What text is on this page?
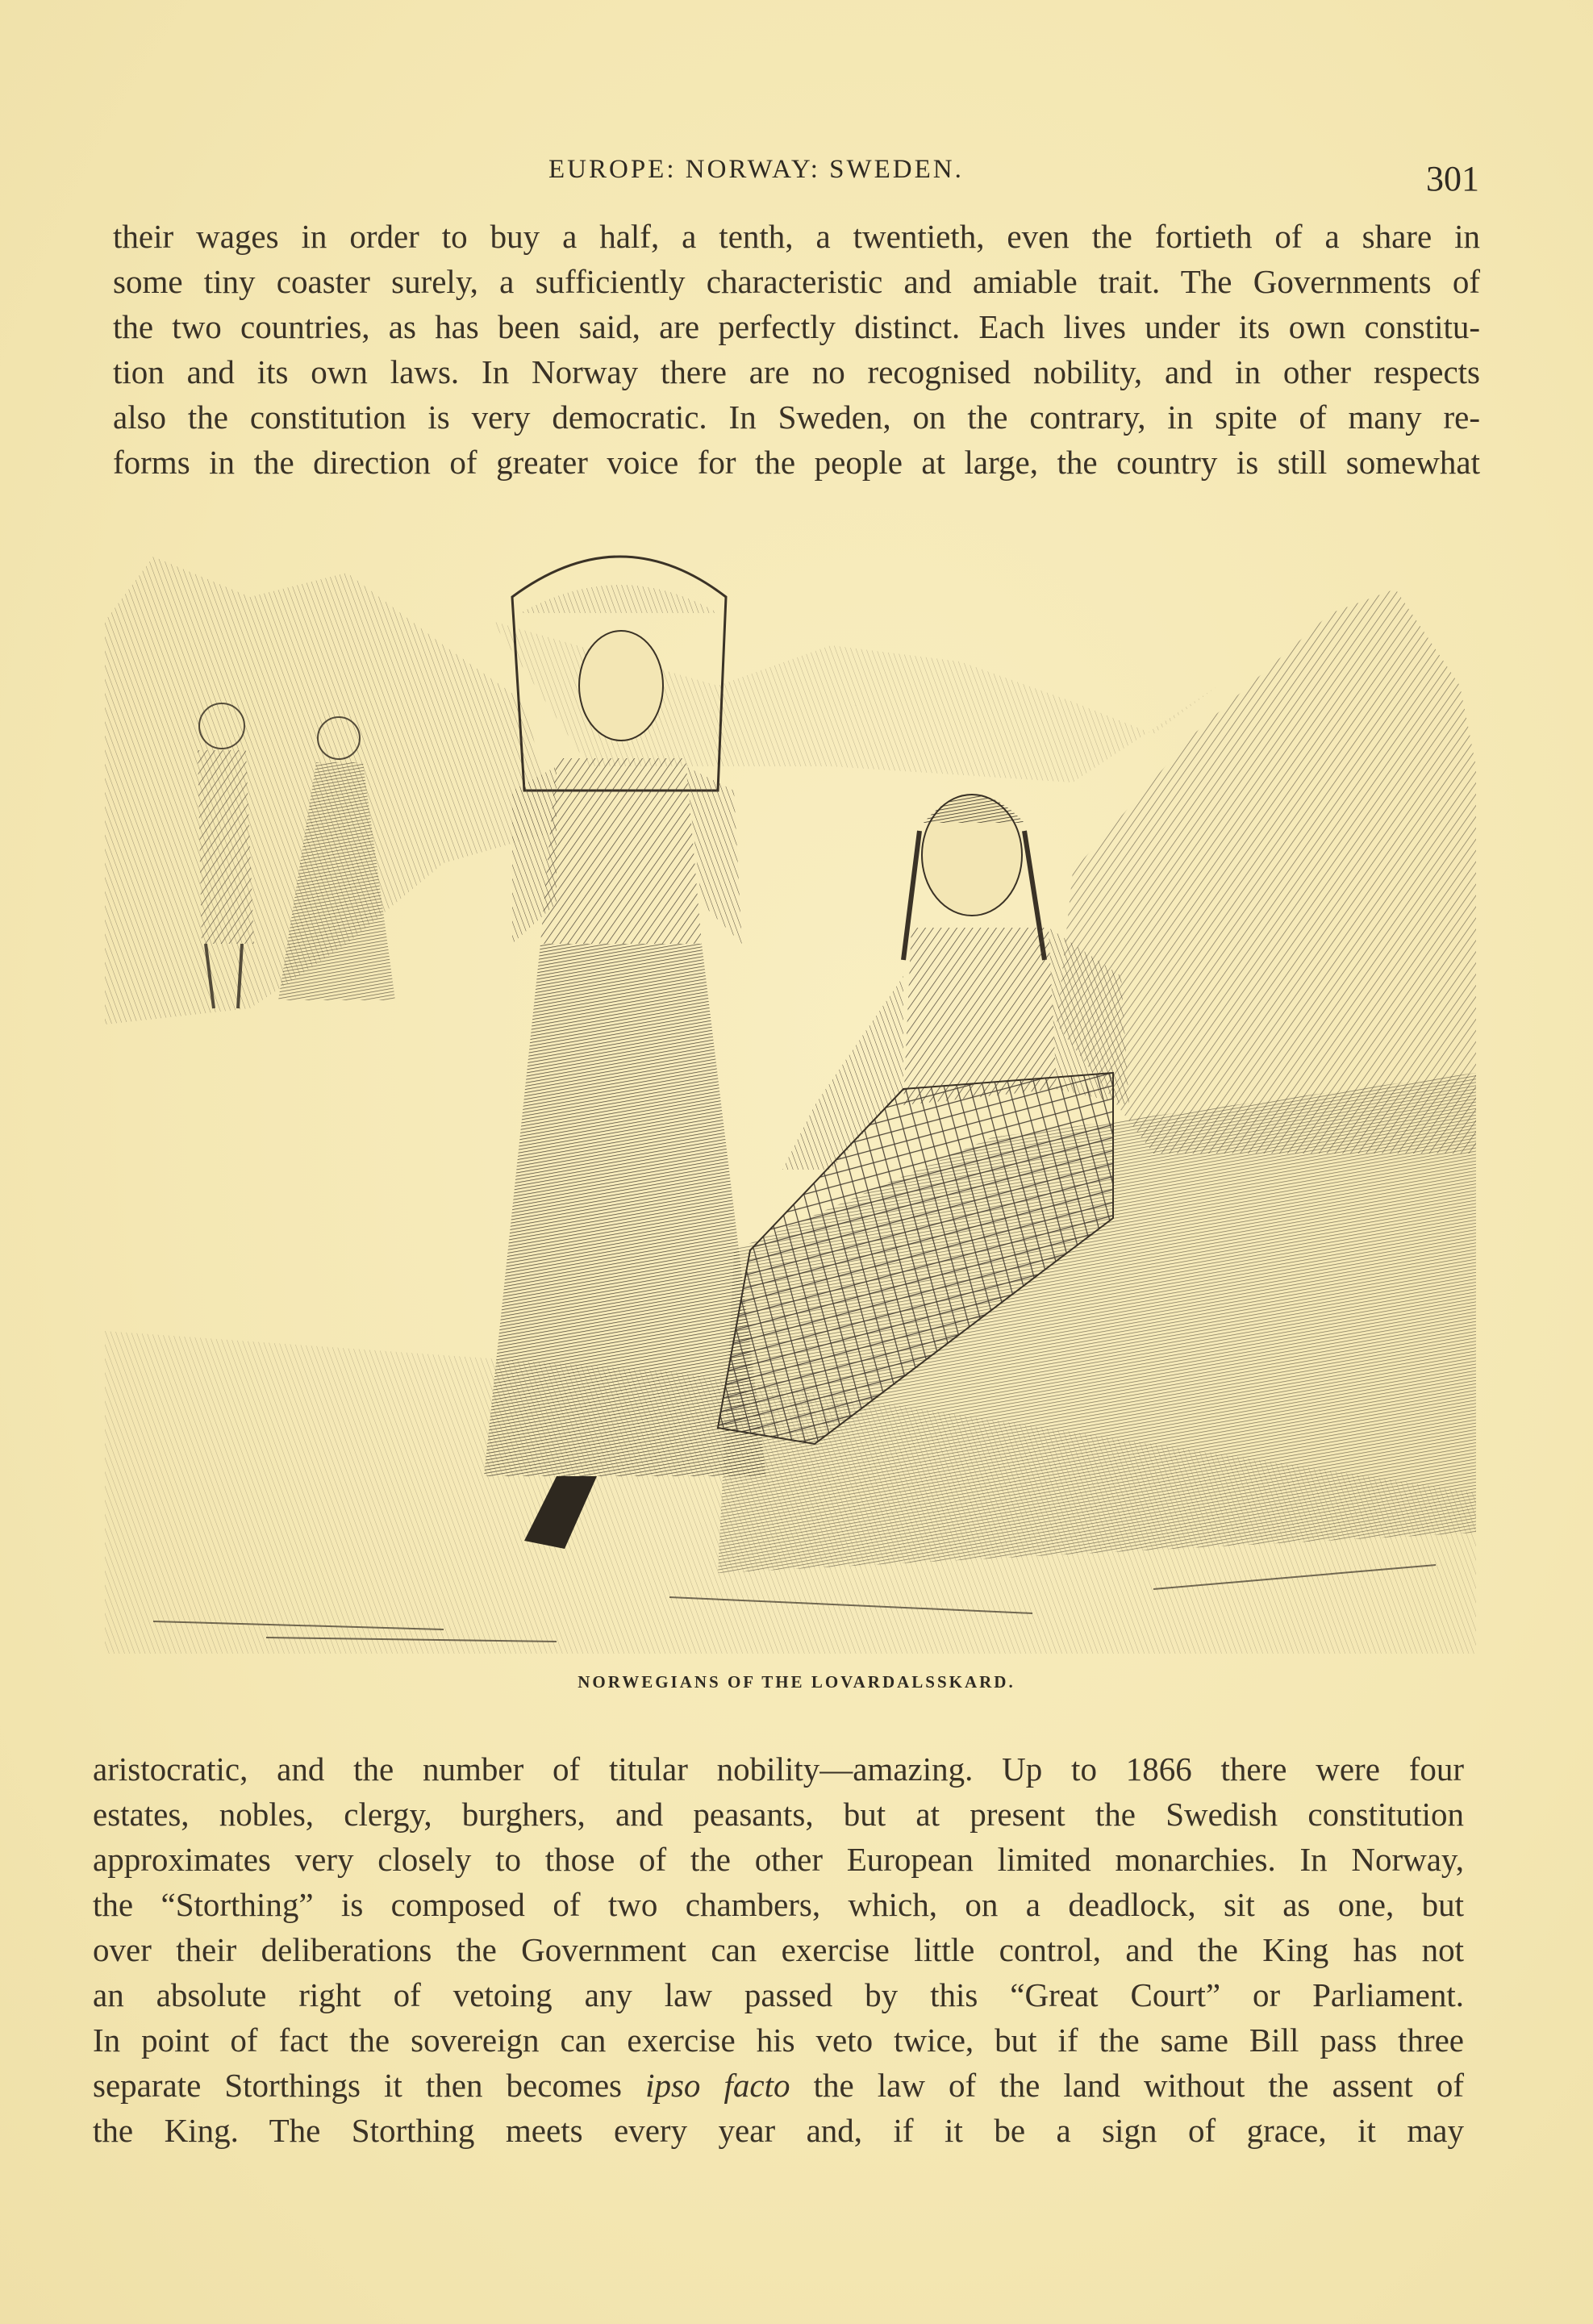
EUROPE: NORWAY: SWEDEN.	301
their wages in order to buy a half, a tenth, a twentieth, even the fortieth of a share in
some tiny coaster surely, a sufficiently characteristic and amiable trait. The Governments of
the two countries, as has been said, are perfectly distinct. Each lives under its own constitu-
tion and its own laws. In Norway there are no recognised nobility, and in other respects
also the constitution is very democratic. In Sweden, on the contrary, in spite of many re-
forms in the direction of greater voice for the people at large, the country is still somewhat
NORWEGIANS OF THE LOVARDALSSKARD.
aristocratic, and the number of titular nobility—amazing. Up to 1866 there were four
estates, nobles, clergy, burghers, and peasants, but at present the Swedish constitution
approximates very closely to those of the other European limited monarchies. In Norway,
the “Storthing” is composed of two chambers, which, on a deadlock, sit as one, but
over their deliberations the Government can exercise little control, and the King has not
an absolute right of vetoing any law passed by this “Great Court” or Parliament.
In point of fact the sovereign can exercise his veto twice, but if the same Bill pass three
separate Storthings it then becomes ipso facto the law of the land without the assent of
the King. The Storthing meets every year and, if it be a sign of grace, it may
